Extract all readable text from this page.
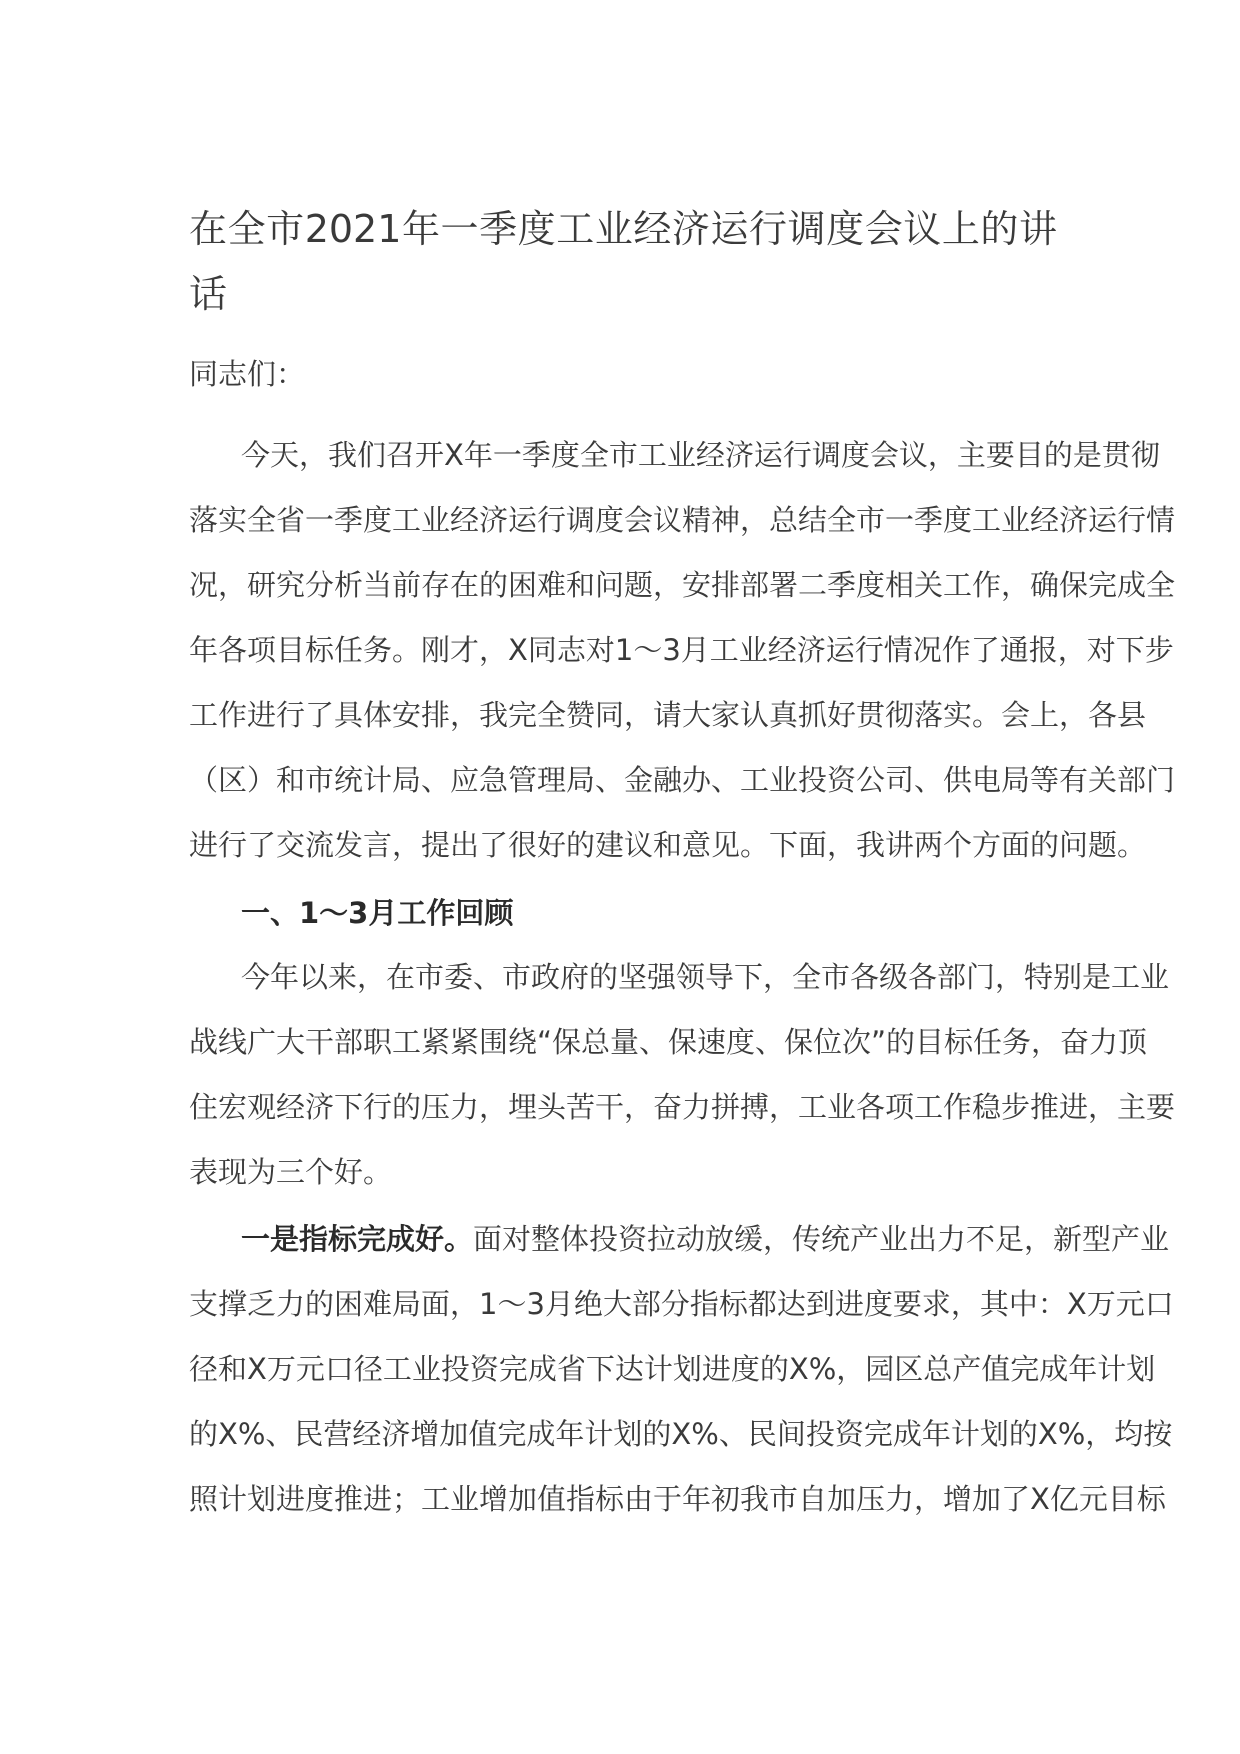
在全市2021年一季度工业经济运行调度会议上的讲
话
同志们：
今天，我们召开X年一季度全市工业经济运行调度会议，主要目的是贯彻
落实全省一季度工业经济运行调度会议精神，总结全市一季度工业经济运行情
况，研究分析当前存在的困难和问题，安排部署二季度相关工作，确保完成全
年各项目标任务。刚才，X同志对1～3月工业经济运行情况作了通报，对下步
工作进行了具体安排，我完全赞同，请大家认真抓好贯彻落实。会上，各县
（区）和市统计局、应急管理局、金融办、工业投资公司、供电局等有关部门
进行了交流发言，提出了很好的建议和意见。下面，我讲两个方面的问题。
一、1～3月工作回顾
今年以来，在市委、市政府的坚强领导下，全市各级各部门，特别是工业
战线广大干部职工紧紧围绕“保总量、保速度、保位次”的目标任务，奋力顶
住宏观经济下行的压力，埋头苦干，奋力拼搏，工业各项工作稳步推进，主要
表现为三个好。
一是指标完成好。面对整体投资拉动放缓，传统产业出力不足，新型产业
支撑乏力的困难局面，1～3月绝大部分指标都达到进度要求，其中：X万元口
径和X万元口径工业投资完成省下达计划进度的X%，园区总产值完成年计划
的X%、民营经济增加值完成年计划的X%、民间投资完成年计划的X%，均按
照计划进度推进；工业增加值指标由于年初我市自加压力，增加了X亿元目标
